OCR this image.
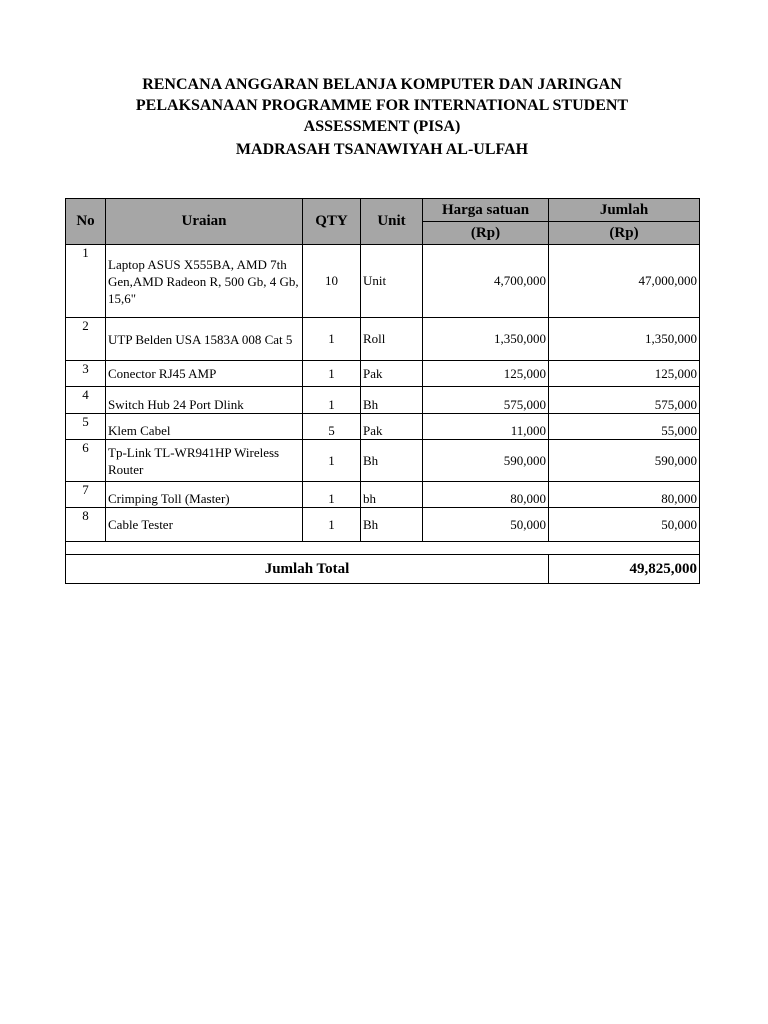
RENCANA ANGGARAN BELANJA KOMPUTER DAN JARINGAN
PELAKSANAAN PROGRAMME FOR INTERNATIONAL STUDENT
ASSESSMENT (PISA)
MADRASAH TSANAWIYAH AL-ULFAH
No	Uraian	QTY	Unit	Harga satuan	Jumlah
				(Rp)	(Rp)
1	Laptop ASUS X555BA, AMD 7th Gen,AMD Radeon R, 500 Gb, 4 Gb, 15,6"	10	Unit	4,700,000	47,000,000
2	UTP Belden USA 1583A 008 Cat 5	1	Roll	1,350,000	1,350,000
3	Conector RJ45 AMP	1	Pak	125,000	125,000
4	Switch Hub 24 Port Dlink	1	Bh	575,000	575,000
5	Klem Cabel	5	Pak	11,000	55,000
6	Tp-Link TL-WR941HP Wireless Router	1	Bh	590,000	590,000
7	Crimping Toll (Master)	1	bh	80,000	80,000
8	Cable Tester	1	Bh	50,000	50,000

Jumlah Total					49,825,000
